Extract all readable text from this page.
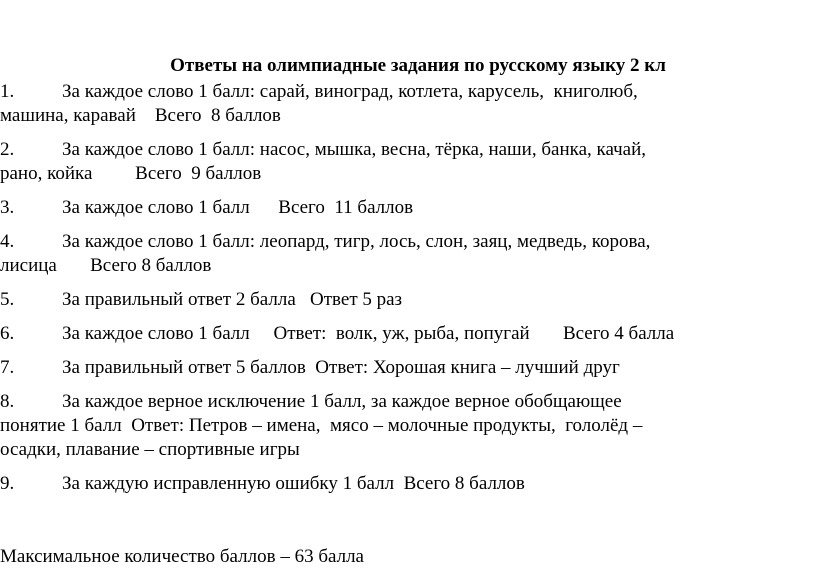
Ответы на олимпиадные задания по русскому языку 2 кл
1.	За каждое слово 1 балл: сарай, виноград, котлета, карусель,  книголюб,
машина, каравай    Всего  8 баллов
2.	За каждое слово 1 балл: насос, мышка, весна, тёрка, наши, банка, качай,
рано, койка         Всего  9 баллов
3.	За каждое слово 1 балл      Всего  11 баллов
4.	За каждое слово 1 балл: леопард, тигр, лось, слон, заяц, медведь, корова,
лисица       Всего 8 баллов
5.	За правильный ответ 2 балла   Ответ 5 раз
6.	За каждое слово 1 балл     Ответ:  волк, уж, рыба, попугай       Всего 4 балла
7.	За правильный ответ 5 баллов  Ответ: Хорошая книга – лучший друг
8.	За каждое верное исключение 1 балл, за каждое верное обобщающее
понятие 1 балл  Ответ: Петров – имена,  мясо – молочные продукты,  гололёд –
осадки, плавание – спортивные игры
9.	За каждую исправленную ошибку 1 балл  Всего 8 баллов
Максимальное количество баллов – 63 балла
